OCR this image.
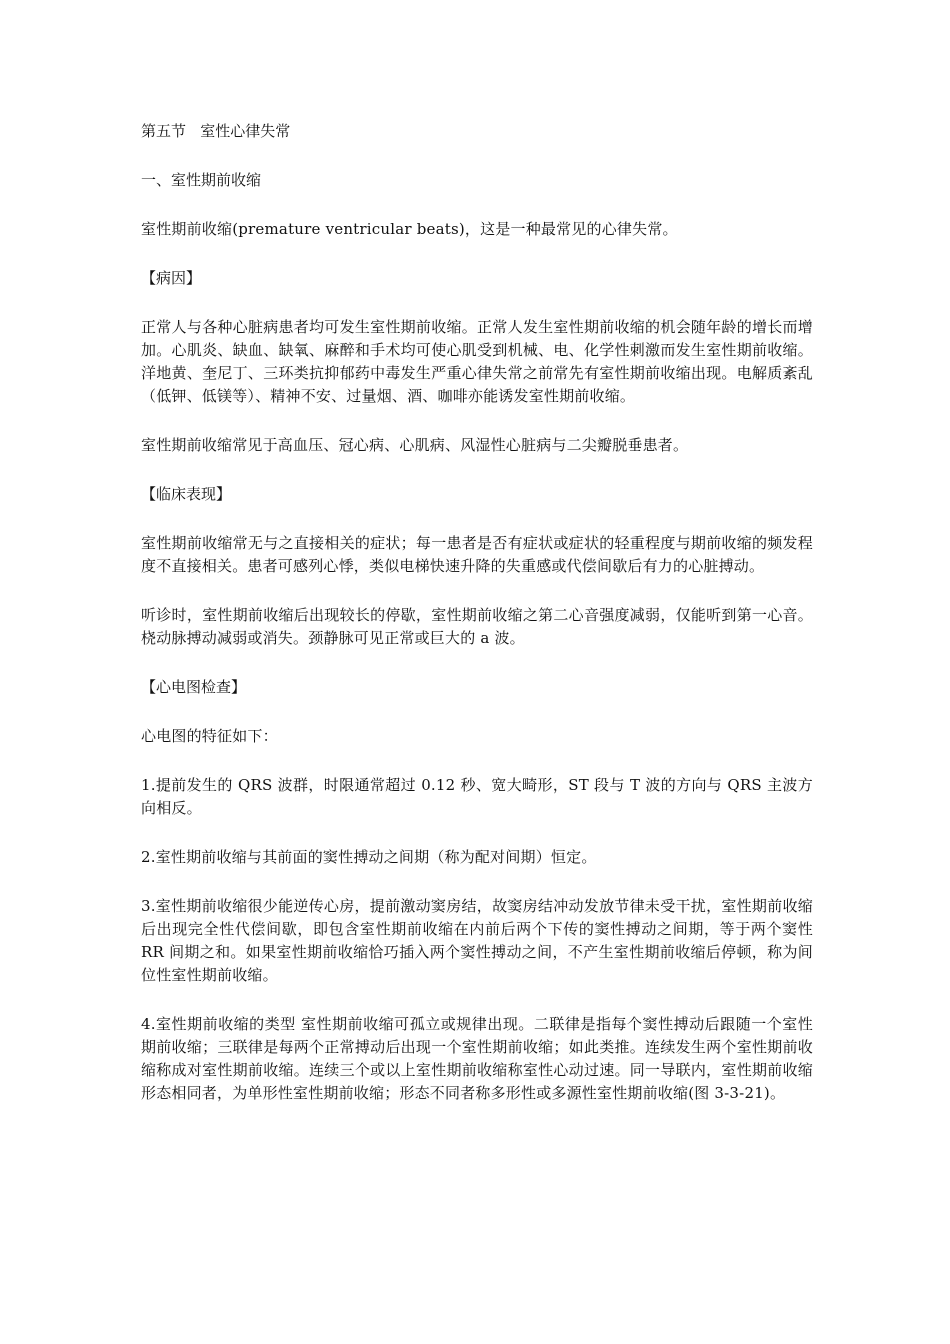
第五节   室性心律失常

一、室性期前收缩

室性期前收缩(premature ventricular beats)，这是一种最常见的心律失常。

【病因】

正常人与各种心脏病患者均可发生室性期前收缩。正常人发生室性期前收缩的机会随年龄的增长而增加。心肌炎、缺血、缺氧、麻醉和手术均可使心肌受到机械、电、化学性刺激而发生室性期前收缩。洋地黄、奎尼丁、三环类抗抑郁药中毒发生严重心律失常之前常先有室性期前收缩出现。电解质紊乱（低钾、低镁等）、精神不安、过量烟、酒、咖啡亦能诱发室性期前收缩。

室性期前收缩常见于高血压、冠心病、心肌病、风湿性心脏病与二尖瓣脱垂患者。

【临床表现】

室性期前收缩常无与之直接相关的症状；每一患者是否有症状或症状的轻重程度与期前收缩的频发程度不直接相关。患者可感列心悸，类似电梯快速升降的失重感或代偿间歇后有力的心脏搏动。

听诊时，室性期前收缩后出现较长的停歇，室性期前收缩之第二心音强度减弱，仅能听到第一心音。桡动脉搏动减弱或消失。颈静脉可见正常或巨大的 a 波。

【心电图检查】

心电图的特征如下：

1.提前发生的 QRS 波群，时限通常超过 0.12 秒、宽大畸形，ST 段与 T 波的方向与 QRS 主波方向相反。

2.室性期前收缩与其前面的窦性搏动之间期（称为配对间期）恒定。

3.室性期前收缩很少能逆传心房，提前激动窦房结，故窦房结冲动发放节律未受干扰，室性期前收缩后出现完全性代偿间歇，即包含室性期前收缩在内前后两个下传的窦性搏动之间期，等于两个窦性 RR 间期之和。如果室性期前收缩恰巧插入两个窦性搏动之间，不产生室性期前收缩后停顿，称为间位性室性期前收缩。

4.室性期前收缩的类型 室性期前收缩可孤立或规律出现。二联律是指每个窦性搏动后跟随一个室性期前收缩；三联律是每两个正常搏动后出现一个室性期前收缩；如此类推。连续发生两个室性期前收缩称成对室性期前收缩。连续三个或以上室性期前收缩称室性心动过速。同一导联内，室性期前收缩形态相同者，为单形性室性期前收缩；形态不同者称多形性或多源性室性期前收缩(图 3-3-21)。
